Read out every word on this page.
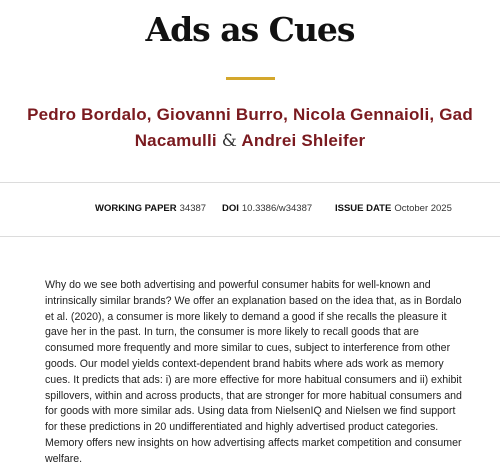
Ads as Cues
Pedro Bordalo, Giovanni Burro, Nicola Gennaioli, Gad Nacamulli & Andrei Shleifer
WORKING PAPER 34387 DOI 10.3386/w34387 ISSUE DATE October 2025

Why do we see both advertising and powerful consumer habits for well-known and intrinsically similar brands? We offer an explanation based on the idea that, as in Bordalo et al. (2020), a consumer is more likely to demand a good if she recalls the pleasure it gave her in the past. In turn, the consumer is more likely to recall goods that are consumed more frequently and more similar to cues, subject to interference from other goods. Our model yields context-dependent brand habits where ads work as memory cues. It predicts that ads: i) are more effective for more habitual consumers and ii) exhibit spillovers, within and across products, that are stronger for more habitual consumers and for goods with more similar ads. Using data from NielsenIQ and Nielsen we find support for these predictions in 20 undifferentiated and highly advertised product categories. Memory offers new insights on how advertising affects market competition and consumer welfare.
